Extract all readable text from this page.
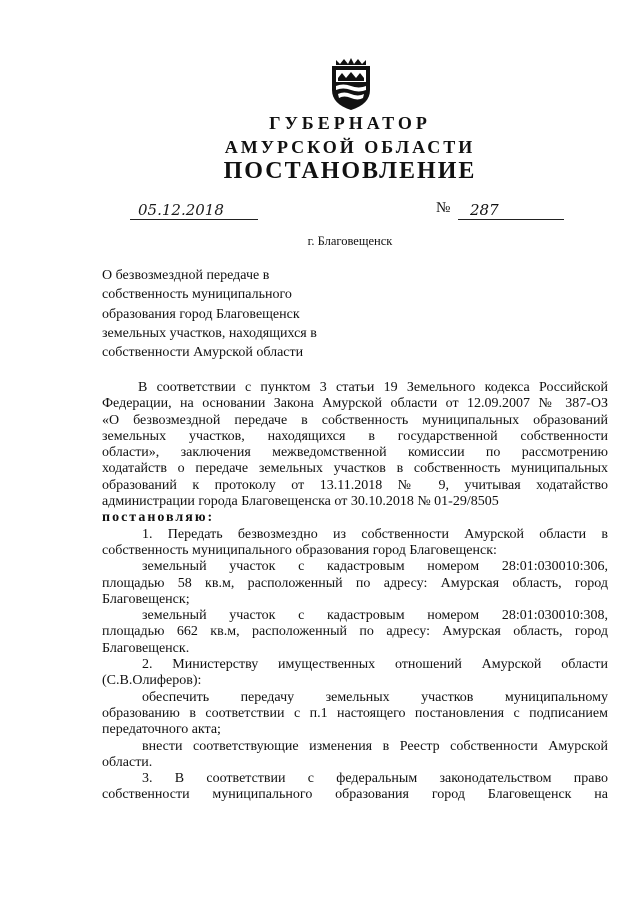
ГУБЕРНАТОР
АМУРСКОЙ ОБЛАСТИ
ПОСТАНОВЛЕНИЕ
05.12.2018	№	287
г. Благовещенск
О безвозмездной передаче в
собственность муниципального
образования город Благовещенск
земельных участков, находящихся в
собственности Амурской области
В соответствии с пунктом 3 статьи 19 Земельного кодекса Российской
Федерации, на основании Закона Амурской области от 12.09.2007 № 387-ОЗ
«О безвозмездной передаче в собственность муниципальных образований
земельных участков, находящихся в государственной собственности
области», заключения межведомственной комиссии по рассмотрению
ходатайств о передаче земельных участков в собственность муниципальных
образований к протоколу от 13.11.2018 № 9, учитывая ходатайство
администрации города Благовещенска от 30.10.2018 № 01-29/8505
постановляю:
1. Передать безвозмездно из собственности Амурской области в
собственность муниципального образования город Благовещенск:
земельный участок с кадастровым номером 28:01:030010:306,
площадью 58 кв.м, расположенный по адресу: Амурская область, город
Благовещенск;
земельный участок с кадастровым номером 28:01:030010:308,
площадью 662 кв.м, расположенный по адресу: Амурская область, город
Благовещенск.
2. Министерству имущественных отношений Амурской области
(С.В.Олиферов):
обеспечить передачу земельных участков муниципальному
образованию в соответствии с п.1 настоящего постановления с подписанием
передаточного акта;
внести соответствующие изменения в Реестр собственности Амурской
области.
3. В соответствии с федеральным законодательством право
собственности муниципального образования город Благовещенск на
